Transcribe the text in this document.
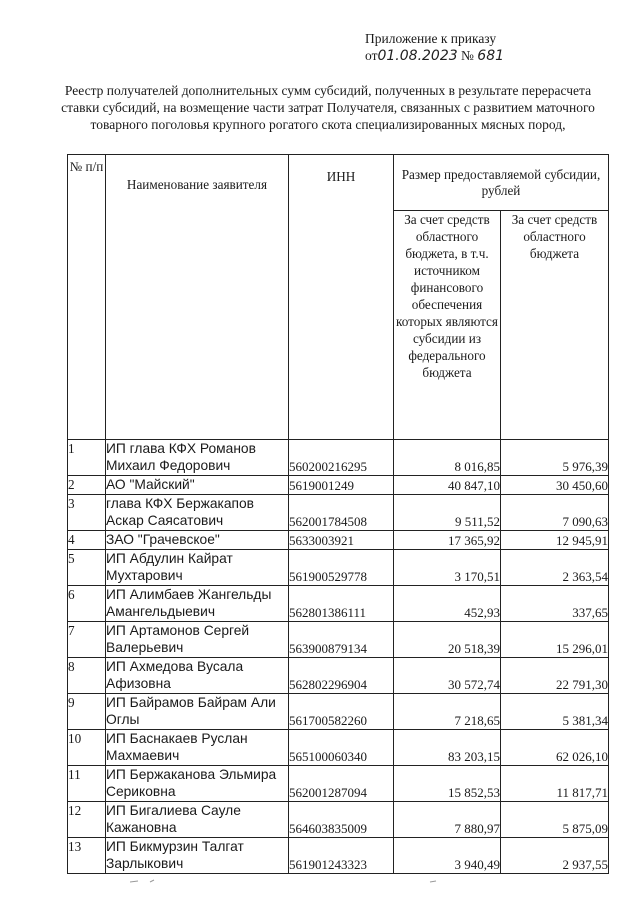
Приложение к приказу
от01.08.2023 № 681
Реестр получателей дополнительных сумм субсидий, полученных в результате перерасчета ставки субсидий, на возмещение части затрат Получателя, связанных с развитием маточного товарного поголовья крупного рогатого скота специализированных мясных пород,
№ п/п	Наименование заявителя	ИНН	Размер предоставляемой субсидии, рублей	
			За счет средств областного бюджета, в т.ч. источником финансового обеспечения которых являются субсидии из федерального бюджета	За счет средств областного бюджета
1	ИП глава КФХ Романов Михаил Федорович	560200216295	8 016,85	5 976,39
2	АО "Майский"	5619001249	40 847,10	30 450,60
3	глава КФХ Бержакапов Аскар Саясатович	562001784508	9 511,52	7 090,63
4	ЗАО "Грачевское"	5633003921	17 365,92	12 945,91
5	ИП Абдулин Кайрат Мухтарович	561900529778	3 170,51	2 363,54
6	ИП Алимбаев Жангельды Амангельдыевич	562801386111	452,93	337,65
7	ИП Артамонов Сергей Валерьевич	563900879134	20 518,39	15 296,01
8	ИП Ахмедова Вусала Афизовна	562802296904	30 572,74	22 791,30
9	ИП Байрамов Байрам Али Оглы	561700582260	7 218,65	5 381,34
10	ИП Баснакаев Руслан Махмаевич	565100060340	83 203,15	62 026,10
11	ИП Бержаканова Эльмира Сериковна	562001287094	15 852,53	11 817,71
12	ИП Бигалиева Сауле Кажановна	564603835009	7 880,97	5 875,09
13	ИП Бикмурзин Талгат Зарлыкович	561901243323	3 940,49	2 937,55
